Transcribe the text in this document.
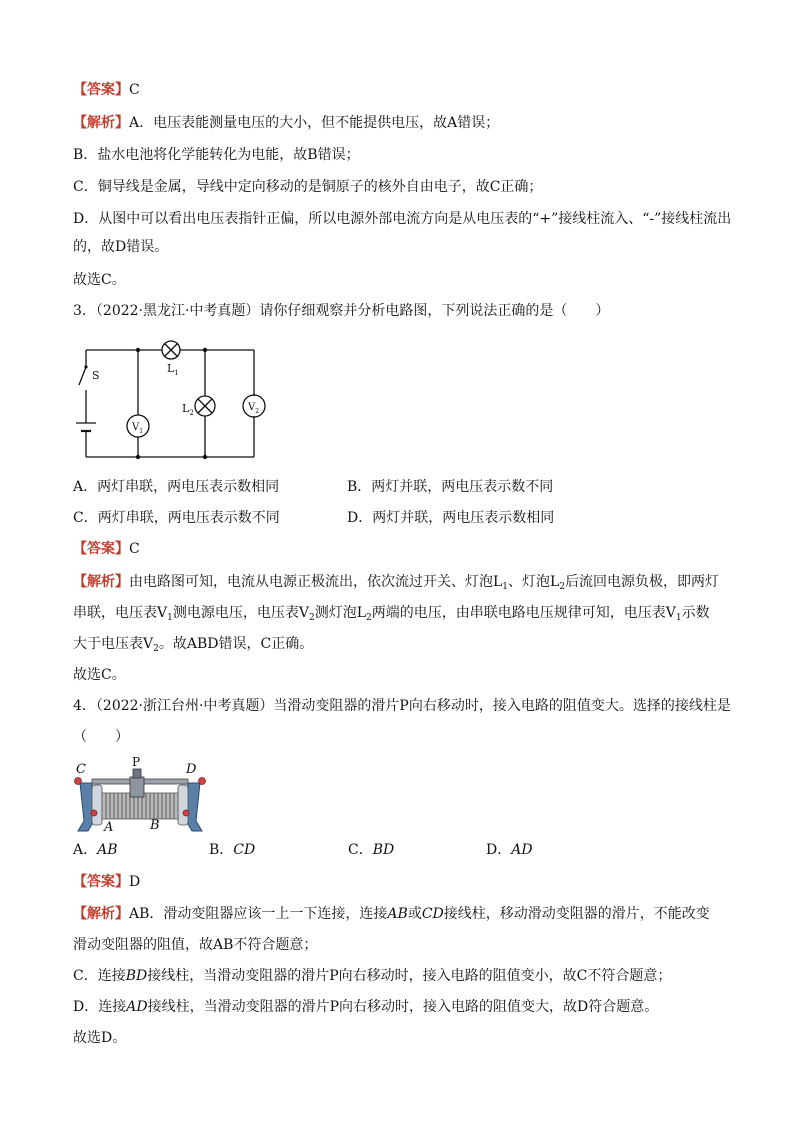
【答案】C
【解析】A．电压表能测量电压的大小，但不能提供电压，故A错误；
B．盐水电池将化学能转化为电能，故B错误；
C．铜导线是金属，导线中定向移动的是铜原子的核外自由电子，故C正确；
D．从图中可以看出电压表指针正偏，所以电源外部电流方向是从电压表的“+”接线柱流入、“-”接线柱流出
的，故D错误。
故选C。
3．（2022·黑龙江·中考真题）请你仔细观察并分析电路图，下列说法正确的是（　　）
S
$L_1$
$L_2$
$V_1$
$V_2$
A．两灯串联，两电压表示数相同	B．两灯并联，两电压表示数不同
C．两灯串联，两电压表示数不同	D．两灯并联，两电压表示数相同
【答案】C
【解析】由电路图可知，电流从电源正极流出，依次流过开关、灯泡$L_1$、灯泡$L_2$后流回电源负极，即两灯
串联，电压表$V_1$测电源电压，电压表$V_2$测灯泡$L_2$两端的电压，由串联电路电压规律可知，电压表$V_1$示数
大于电压表$V_2$。故ABD错误，C正确。
故选C。
4．（2022·浙江台州·中考真题）当滑动变阻器的滑片P向右移动时，接入电路的阻值变大。选择的接线柱是
（　　）
C	P	D
A	B
A．AB	B．CD	C．BD	D．AD
【答案】D
【解析】AB．滑动变阻器应该一上一下连接，连接AB或CD接线柱，移动滑动变阻器的滑片，不能改变
滑动变阻器的阻值，故AB不符合题意；
C．连接BD接线柱，当滑动变阻器的滑片P向右移动时，接入电路的阻值变小，故C不符合题意；
D．连接AD接线柱，当滑动变阻器的滑片P向右移动时，接入电路的阻值变大，故D符合题意。
故选D。
